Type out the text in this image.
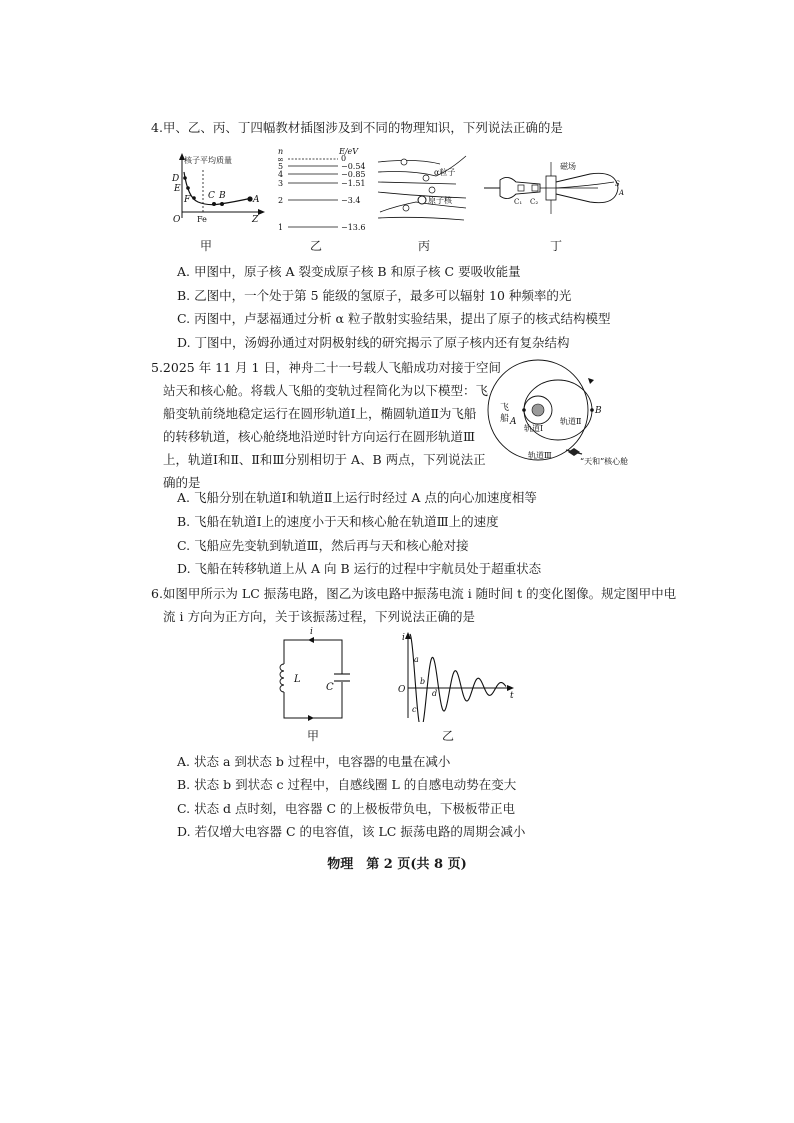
4.甲、乙、丙、丁四幅教材插图涉及到不同的物理知识，下列说法正确的是
核子平均质量
D
E
F C B	A
O Fe	Z
甲
n	E/eV
∞
5
4
3
2
1
0
−0.54
−0.85
−1.51
−3.4
−13.6
乙
α粒子
原子核
丙
磁场
C₁ C₂
S
A
丁
A. 甲图中，原子核 A 裂变成原子核 B 和原子核 C 要吸收能量
B. 乙图中，一个处于第 5 能级的氢原子，最多可以辐射 10 种频率的光
C. 丙图中，卢瑟福通过分析 α 粒子散射实验结果，提出了原子的核式结构模型
D. 丁图中，汤姆孙通过对阴极射线的研究揭示了原子核内还有复杂结构
5.2025 年 11 月 1 日，神舟二十一号载人飞船成功对接于空间
站天和核心舱。将载人飞船的变轨过程简化为以下模型：飞
船变轨前绕地稳定运行在圆形轨道Ⅰ上，椭圆轨道Ⅱ为飞船
的转移轨道，核心舱绕地沿逆时针方向运行在圆形轨道Ⅲ
上，轨道Ⅰ和Ⅱ、Ⅱ和Ⅲ分别相切于 A、B 两点，下列说法正
确的是
飞
船 A
B
轨道Ⅰ
轨道Ⅱ
轨道Ⅲ
“天和”核心舱
A. 飞船分别在轨道Ⅰ和轨道Ⅱ上运行时经过 A 点的向心加速度相等
B. 飞船在轨道Ⅰ上的速度小于天和核心舱在轨道Ⅲ上的速度
C. 飞船应先变轨到轨道Ⅲ，然后再与天和核心舱对接
D. 飞船在转移轨道上从 A 向 B 运行的过程中宇航员处于超重状态
6.如图甲所示为 LC 振荡电路，图乙为该电路中振荡电流 i 随时间 t 的变化图像。规定图甲中电
流 i 方向为正方向，关于该振荡过程，下列说法正确的是
i
L
C
甲
i
t
O
a
b
c
d
乙
A. 状态 a 到状态 b 过程中，电容器的电量在减小
B. 状态 b 到状态 c 过程中，自感线圈 L 的自感电动势在变大
C. 状态 d 点时刻，电容器 C 的上极板带负电，下极板带正电
D. 若仅增大电容器 C 的电容值，该 LC 振荡电路的周期会减小
物理　第 2 页(共 8 页)
